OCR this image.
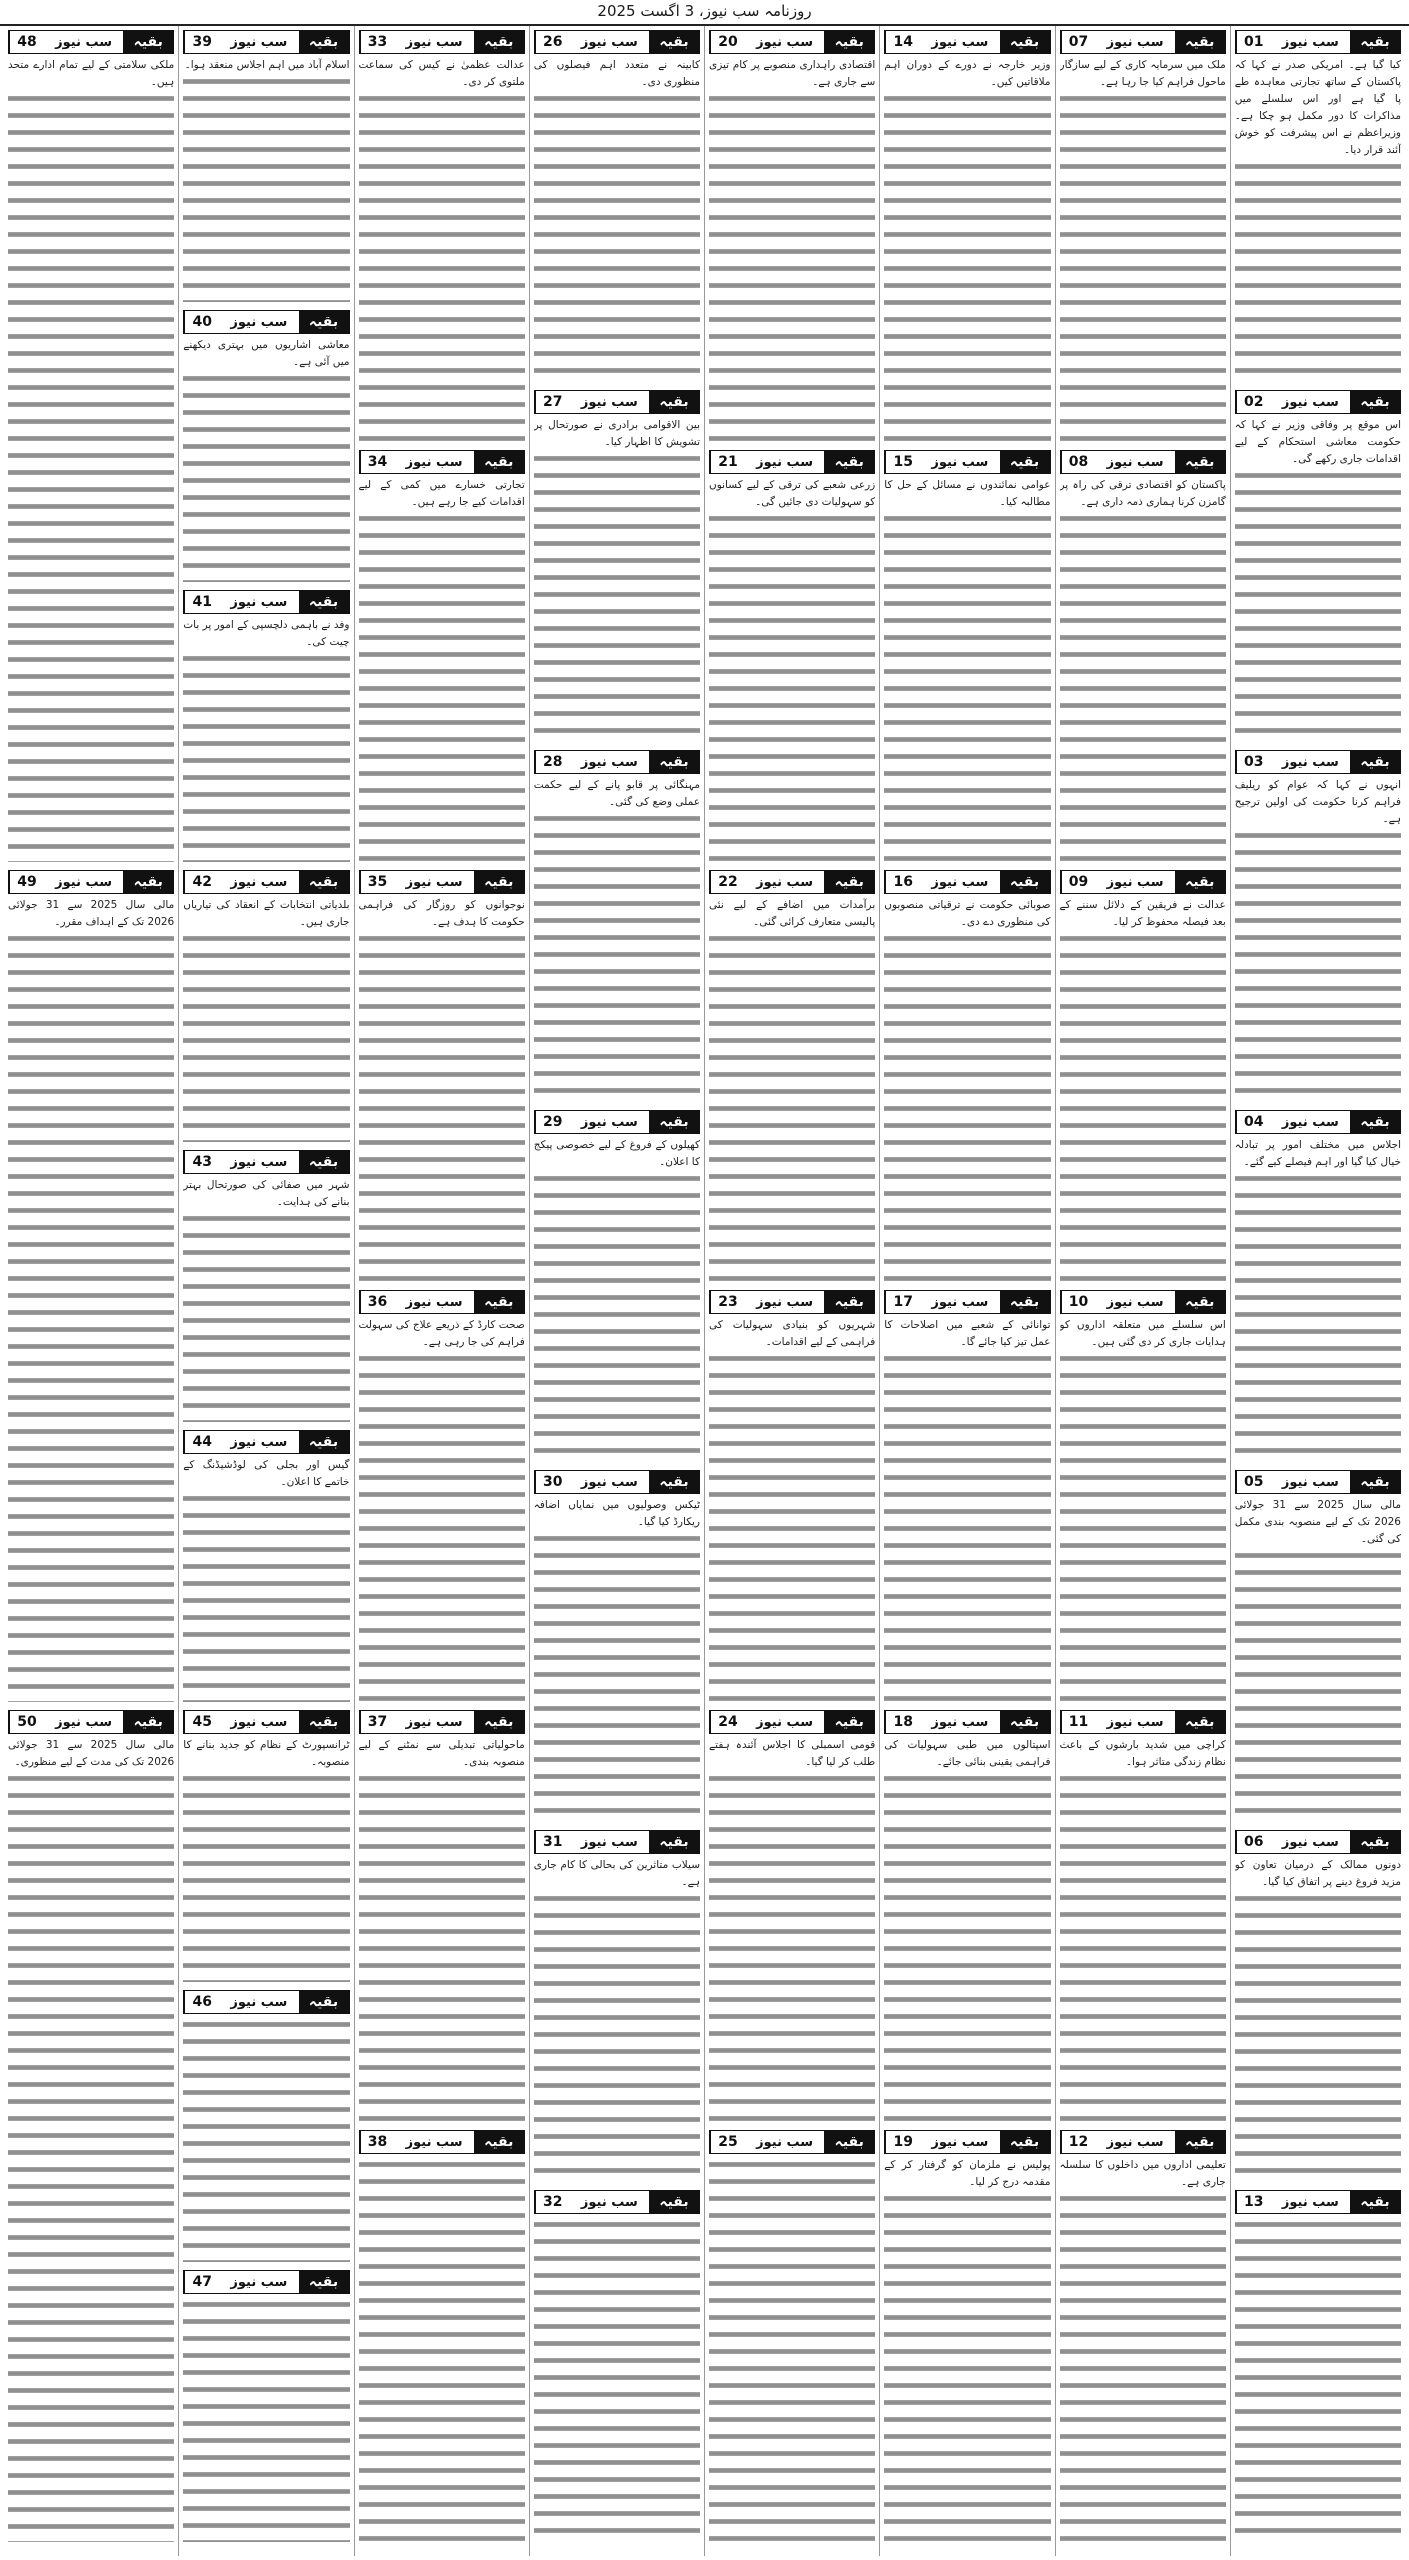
روزنامہ سب نیوز، 3 اگست 2025
01	سب نیوز	بقیہ

کیا گیا ہے۔ امریکی صدر نے کہا کہ پاکستان کے ساتھ تجارتی معاہدہ طے پا گیا ہے اور اس سلسلے میں مذاکرات کا دور مکمل ہو چکا ہے۔ وزیراعظم نے اس پیشرفت کو خوش آئند قرار دیا۔

02	سب نیوز	بقیہ

اس موقع پر وفاقی وزیر نے کہا کہ حکومت معاشی استحکام کے لیے اقدامات جاری رکھے گی۔

03	سب نیوز	بقیہ

انہوں نے کہا کہ عوام کو ریلیف فراہم کرنا حکومت کی اولین ترجیح ہے۔

04	سب نیوز	بقیہ

اجلاس میں مختلف امور پر تبادلہ خیال کیا گیا اور اہم فیصلے کیے گئے۔

05	سب نیوز	بقیہ

مالی سال 2025 سے 31 جولائی 2026 تک کے لیے منصوبہ بندی مکمل کی گئی۔

06	سب نیوز	بقیہ

دونوں ممالک کے درمیان تعاون کو مزید فروغ دینے پر اتفاق کیا گیا۔

13	سب نیوز	بقیہ

07	سب نیوز	بقیہ

ملک میں سرمایہ کاری کے لیے سازگار ماحول فراہم کیا جا رہا ہے۔

08	سب نیوز	بقیہ

پاکستان کو اقتصادی ترقی کی راہ پر گامزن کرنا ہماری ذمہ داری ہے۔

09	سب نیوز	بقیہ

عدالت نے فریقین کے دلائل سننے کے بعد فیصلہ محفوظ کر لیا۔

10	سب نیوز	بقیہ

اس سلسلے میں متعلقہ اداروں کو ہدایات جاری کر دی گئی ہیں۔

11	سب نیوز	بقیہ

کراچی میں شدید بارشوں کے باعث نظام زندگی متاثر ہوا۔

12	سب نیوز	بقیہ

تعلیمی اداروں میں داخلوں کا سلسلہ جاری ہے۔

14	سب نیوز	بقیہ

وزیر خارجہ نے دورے کے دوران اہم ملاقاتیں کیں۔

15	سب نیوز	بقیہ

عوامی نمائندوں نے مسائل کے حل کا مطالبہ کیا۔

16	سب نیوز	بقیہ

صوبائی حکومت نے ترقیاتی منصوبوں کی منظوری دے دی۔

17	سب نیوز	بقیہ

توانائی کے شعبے میں اصلاحات کا عمل تیز کیا جائے گا۔

18	سب نیوز	بقیہ

اسپتالوں میں طبی سہولیات کی فراہمی یقینی بنائی جائے۔

19	سب نیوز	بقیہ

پولیس نے ملزمان کو گرفتار کر کے مقدمہ درج کر لیا۔

20	سب نیوز	بقیہ

اقتصادی راہداری منصوبے پر کام تیزی سے جاری ہے۔

21	سب نیوز	بقیہ

زرعی شعبے کی ترقی کے لیے کسانوں کو سہولیات دی جائیں گی۔

22	سب نیوز	بقیہ

برآمدات میں اضافے کے لیے نئی پالیسی متعارف کرائی گئی۔

23	سب نیوز	بقیہ

شہریوں کو بنیادی سہولیات کی فراہمی کے لیے اقدامات۔

24	سب نیوز	بقیہ

قومی اسمبلی کا اجلاس آئندہ ہفتے طلب کر لیا گیا۔

25	سب نیوز	بقیہ

26	سب نیوز	بقیہ

کابینہ نے متعدد اہم فیصلوں کی منظوری دی۔

27	سب نیوز	بقیہ

بین الاقوامی برادری نے صورتحال پر تشویش کا اظہار کیا۔

28	سب نیوز	بقیہ

مہنگائی پر قابو پانے کے لیے حکمت عملی وضع کی گئی۔

29	سب نیوز	بقیہ

کھیلوں کے فروغ کے لیے خصوصی پیکج کا اعلان۔

30	سب نیوز	بقیہ

ٹیکس وصولیوں میں نمایاں اضافہ ریکارڈ کیا گیا۔

31	سب نیوز	بقیہ

سیلاب متاثرین کی بحالی کا کام جاری ہے۔

32	سب نیوز	بقیہ

33	سب نیوز	بقیہ

عدالت عظمیٰ نے کیس کی سماعت ملتوی کر دی۔

34	سب نیوز	بقیہ

تجارتی خسارے میں کمی کے لیے اقدامات کیے جا رہے ہیں۔

35	سب نیوز	بقیہ

نوجوانوں کو روزگار کی فراہمی حکومت کا ہدف ہے۔

36	سب نیوز	بقیہ

صحت کارڈ کے ذریعے علاج کی سہولت فراہم کی جا رہی ہے۔

37	سب نیوز	بقیہ

ماحولیاتی تبدیلی سے نمٹنے کے لیے منصوبہ بندی۔

38	سب نیوز	بقیہ

39	سب نیوز	بقیہ

اسلام آباد میں اہم اجلاس منعقد ہوا۔

40	سب نیوز	بقیہ

معاشی اشاریوں میں بہتری دیکھنے میں آئی ہے۔

41	سب نیوز	بقیہ

وفد نے باہمی دلچسپی کے امور پر بات چیت کی۔

42	سب نیوز	بقیہ

بلدیاتی انتخابات کے انعقاد کی تیاریاں جاری ہیں۔

43	سب نیوز	بقیہ

شہر میں صفائی کی صورتحال بہتر بنانے کی ہدایت۔

44	سب نیوز	بقیہ

گیس اور بجلی کی لوڈشیڈنگ کے خاتمے کا اعلان۔

45	سب نیوز	بقیہ

ٹرانسپورٹ کے نظام کو جدید بنانے کا منصوبہ۔

46	سب نیوز	بقیہ

47	سب نیوز	بقیہ

48	سب نیوز	بقیہ

ملکی سلامتی کے لیے تمام ادارے متحد ہیں۔

49	سب نیوز	بقیہ

مالی سال 2025 سے 31 جولائی 2026 تک کے اہداف مقرر۔

50	سب نیوز	بقیہ

مالی سال 2025 سے 31 جولائی 2026 تک کی مدت کے لیے منظوری۔
